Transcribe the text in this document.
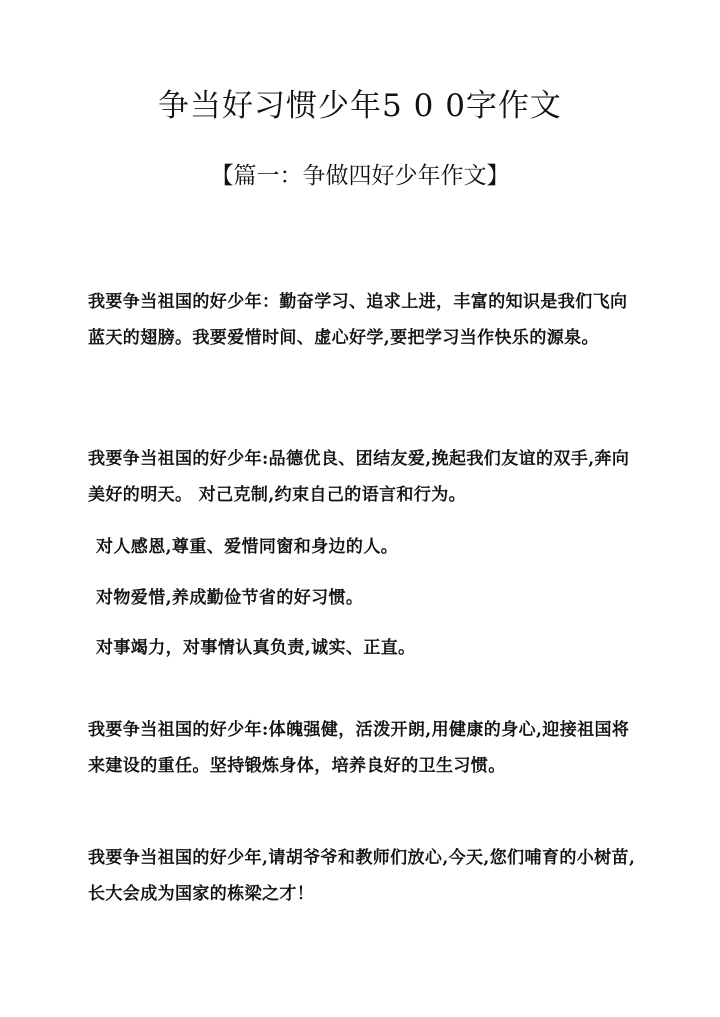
争当好习惯少年5 0 0字作文
【篇一：争做四好少年作文】

我要争当祖国的好少年：勤奋学习、追求上进，丰富的知识是我们飞向蓝天的翅膀。我要爱惜时间、虚心好学,要把学习当作快乐的源泉。

我要争当祖国的好少年:品德优良、团结友爱,挽起我们友谊的双手,奔向美好的明天。 对己克制,约束自己的语言和行为。

对人感恩,尊重、爱惜同窗和身边的人。

对物爱惜,养成勤俭节省的好习惯。

对事竭力，对事情认真负责,诚实、正直。

我要争当祖国的好少年:体魄强健，活泼开朗,用健康的身心,迎接祖国将来建设的重任。坚持锻炼身体，培养良好的卫生习惯。

我要争当祖国的好少年,请胡爷爷和教师们放心,今天,您们哺育的小树苗,长大会成为国家的栋梁之才！
